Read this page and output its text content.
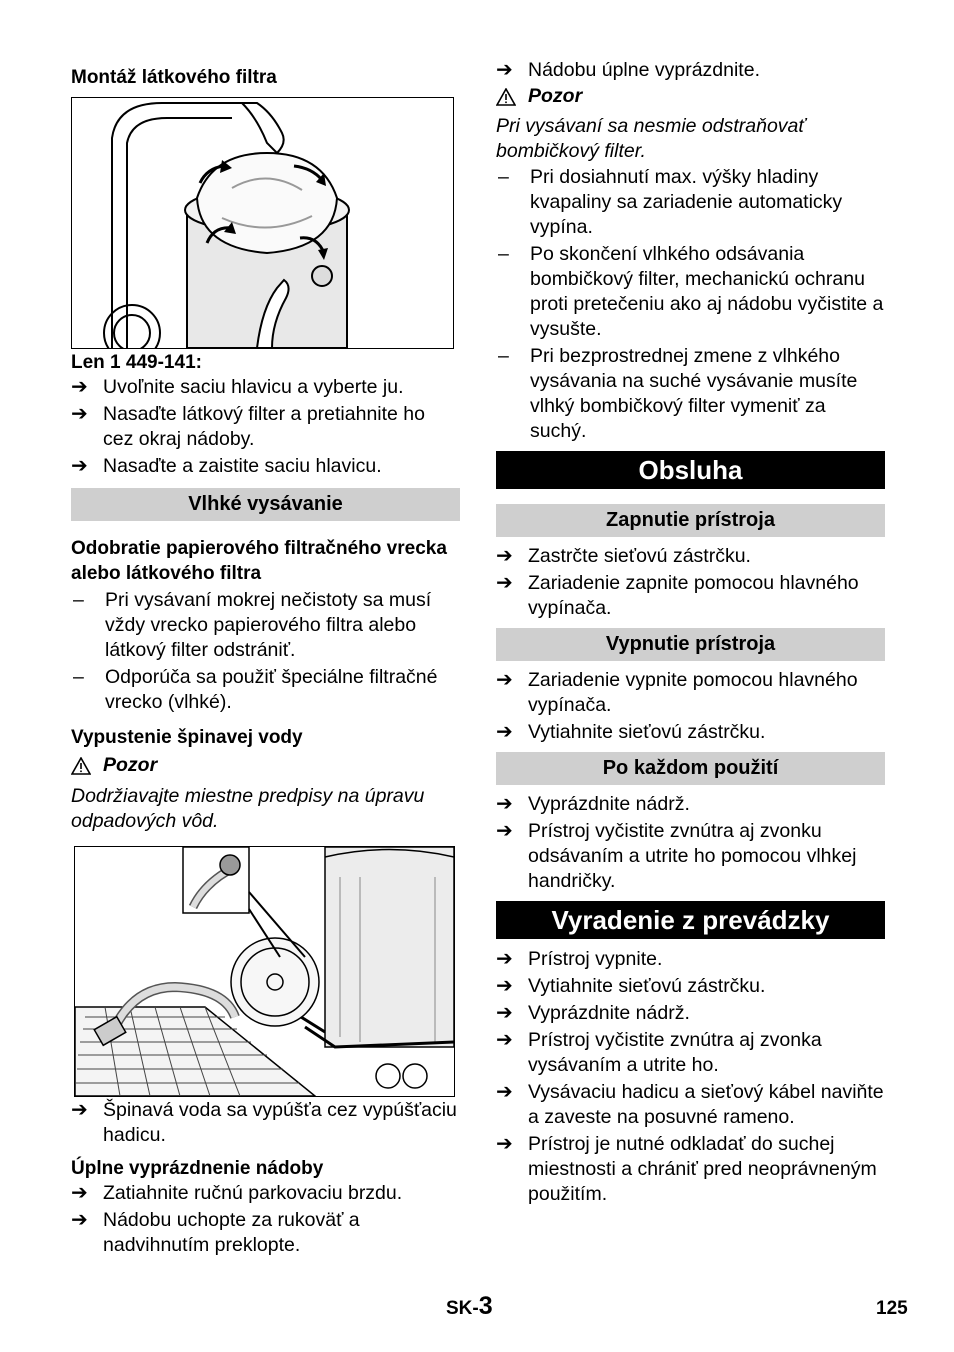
Montáž látkového filtra
Len 1 449-141:
➔ Uvoľnite saciu hlavicu a vyberte ju.
➔ Nasaďte látkový filter a pretiahnite ho cez okraj nádoby.
➔ Nasaďte a zaistite saciu hlavicu.
Vlhké vysávanie
Odobratie papierového filtračného vrecka alebo látkového filtra
–	Pri vysávaní mokrej nečistoty sa musí vždy vrecko papierového filtra alebo látkový filter odstrániť.
–	Odporúča sa použiť špeciálne filtračné vrecko (vlhké).
Vypustenie špinavej vody
Pozor
Dodržiavajte miestne predpisy na úpravu odpadových vôd.
➔ Špinavá voda sa vypúšťa cez vypúšťaciu hadicu.
Úplne vyprázdnenie nádoby
➔ Zatiahnite ručnú parkovaciu brzdu.
➔ Nádobu uchopte za rukoväť a nadvihnutím preklopte.
➔ Nádobu úplne vyprázdnite.
Pozor
Pri vysávaní sa nesmie odstraňovať bombičkový filter.
–	Pri dosiahnutí max. výšky hladiny kvapaliny sa zariadenie automaticky vypína.
–	Po skončení vlhkého odsávania bombičkový filter, mechanickú ochranu proti pretečeniu ako aj nádobu vyčistite a vysušte.
–	Pri bezprostrednej zmene z vlhkého vysávania na suché vysávanie musíte vlhký bombičkový filter vymeniť za suchý.
Obsluha
Zapnutie prístroja
➔ Zastrčte sieťovú zástrčku.
➔ Zariadenie zapnite pomocou hlavného vypínača.
Vypnutie prístroja
➔ Zariadenie vypnite pomocou hlavného vypínača.
➔ Vytiahnite sieťovú zástrčku.
Po každom použití
➔ Vyprázdnite nádrž.
➔ Prístroj vyčistite zvnútra aj zvonku odsávaním a utrite ho pomocou vlhkej handričky.
Vyradenie z prevádzky
➔ Prístroj vypnite.
➔ Vytiahnite sieťovú zástrčku.
➔ Vyprázdnite nádrž.
➔ Prístroj vyčistite zvnútra aj zvonka vysávaním a utrite ho.
➔ Vysávaciu hadicu a sieťový kábel naviňte a zaveste na posuvné rameno.
➔ Prístroj je nutné odkladať do suchej miestnosti a chrániť pred neoprávneným použitím.
SK-3	125
